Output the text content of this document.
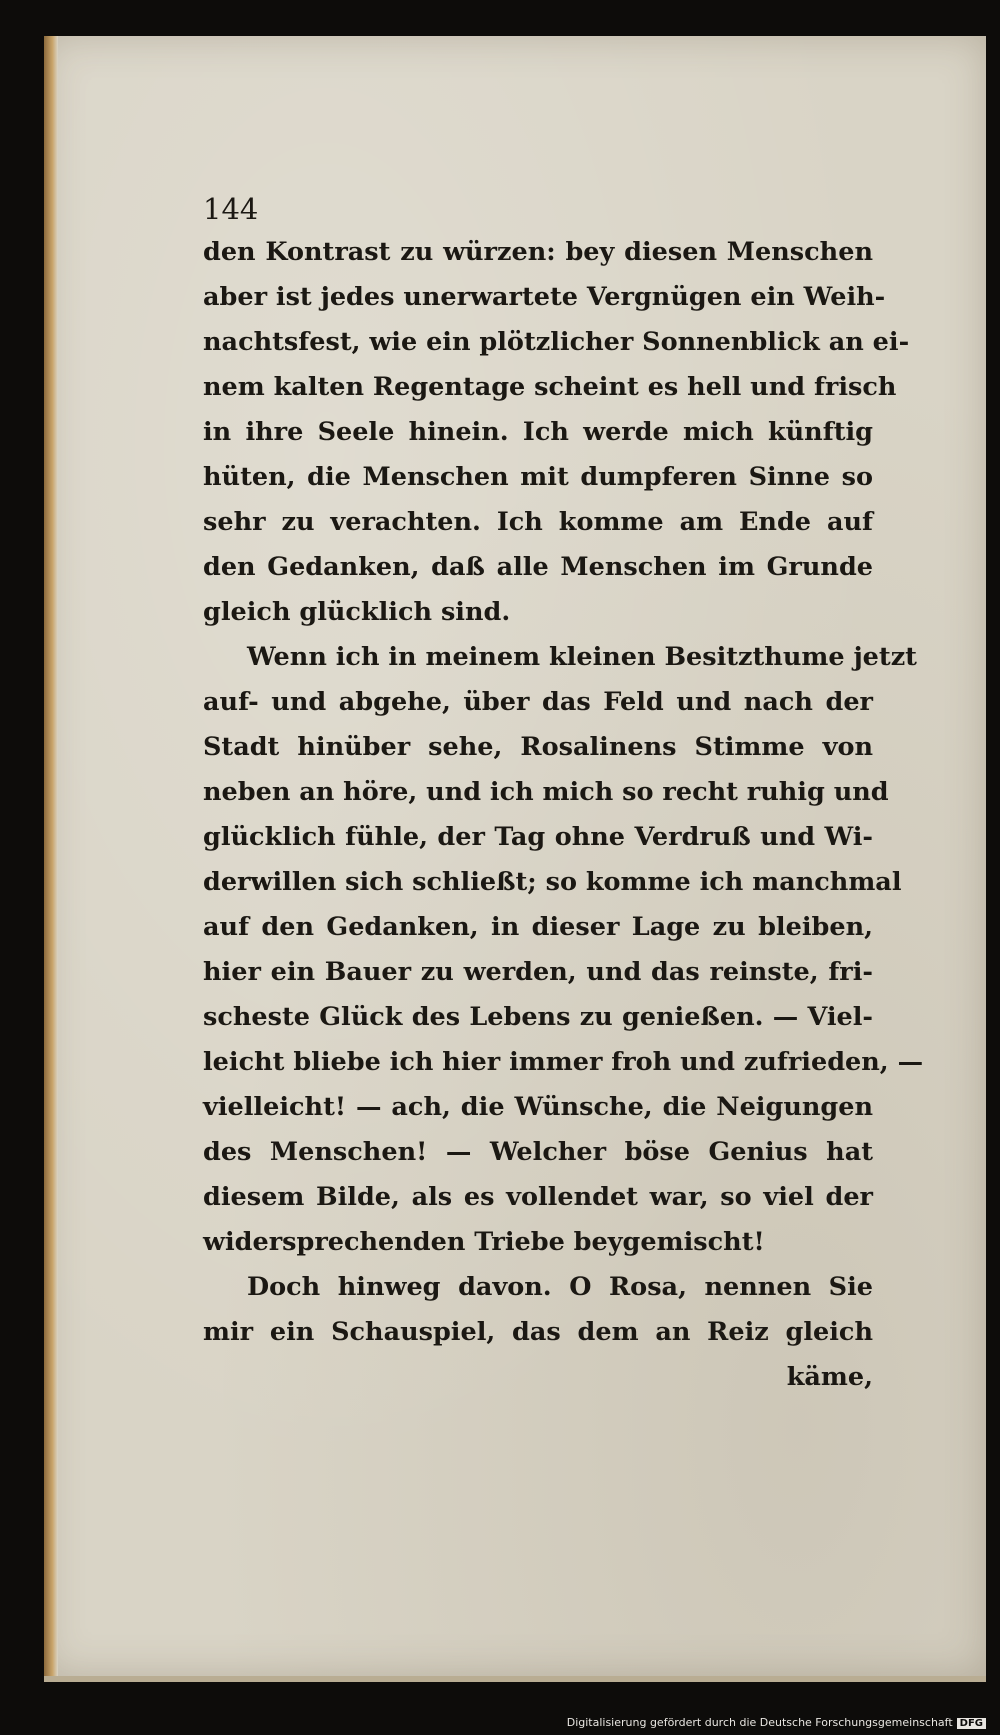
144
den Kontrast zu würzen: bey diesen Menschen
aber ist jedes unerwartete Vergnügen ein Weih-
nachtsfest, wie ein plötzlicher Sonnenblick an ei-
nem kalten Regentage scheint es hell und frisch
in ihre Seele hinein. Ich werde mich künftig
hüten, die Menschen mit dumpferen Sinne so
sehr zu verachten. Ich komme am Ende auf
den Gedanken, daß alle Menschen im Grunde
gleich glücklich sind.
Wenn ich in meinem kleinen Besitzthume jetzt
auf- und abgehe, über das Feld und nach der
Stadt hinüber sehe, Rosalinens Stimme von
neben an höre, und ich mich so recht ruhig und
glücklich fühle, der Tag ohne Verdruß und Wi-
derwillen sich schließt; so komme ich manchmal
auf den Gedanken, in dieser Lage zu bleiben,
hier ein Bauer zu werden, und das reinste, fri-
scheste Glück des Lebens zu genießen. — Viel-
leicht bliebe ich hier immer froh und zufrieden, —
vielleicht! — ach, die Wünsche, die Neigungen
des Menschen! — Welcher böse Genius hat
diesem Bilde, als es vollendet war, so viel der
widersprechenden Triebe beygemischt!
Doch hinweg davon. O Rosa, nennen Sie
mir ein Schauspiel, das dem an Reiz gleich
käme,
Digitalisierung gefördert durch die Deutsche Forschungsgemeinschaft DFG
